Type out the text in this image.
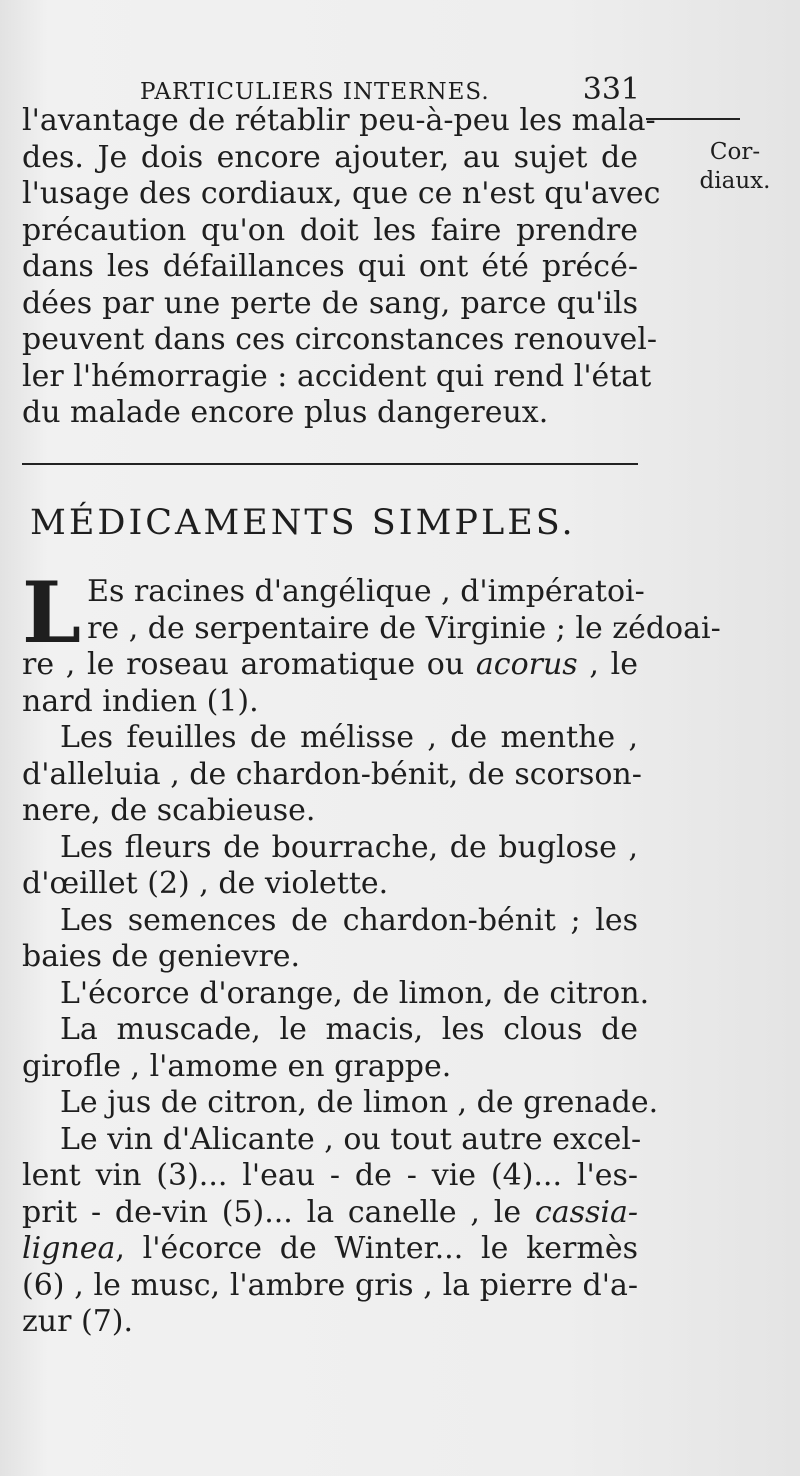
PARTICULIERS INTERNES.	331
Cor-
diaux.
l'avantage de rétablir peu-à-peu les mala-
des. Je dois encore ajouter, au sujet de
l'usage des cordiaux, que ce n'est qu'avec
précaution qu'on doit les faire prendre
dans les défaillances qui ont été précé-
dées par une perte de sang, parce qu'ils
peuvent dans ces circonstances renouvel-
ler l'hémorragie : accident qui rend l'état
du malade encore plus dangereux.
MÉDICAMENTS SIMPLES.
L Es racines d'angélique , d'impératoi-
re , de serpentaire de Virginie ; le zédoai-
re , le roseau aromatique ou acorus , le
nard indien (1).
Les feuilles de mélisse , de menthe ,
d'alleluia , de chardon-bénit, de scorson-
nere, de scabieuse.
Les fleurs de bourrache, de buglose ,
d'œillet (2) , de violette.
Les semences de chardon-bénit ; les
baies de genievre.
L'écorce d'orange, de limon, de citron.
La muscade, le macis, les clous de
girofle , l'amome en grappe.
Le jus de citron, de limon , de grenade.
Le vin d'Alicante , ou tout autre excel-
lent vin (3)... l'eau - de - vie (4)... l'es-
prit - de-vin (5)... la canelle , le cassia-
lignea, l'écorce de Winter... le kermès
(6) , le musc, l'ambre gris , la pierre d'a-
zur (7).
